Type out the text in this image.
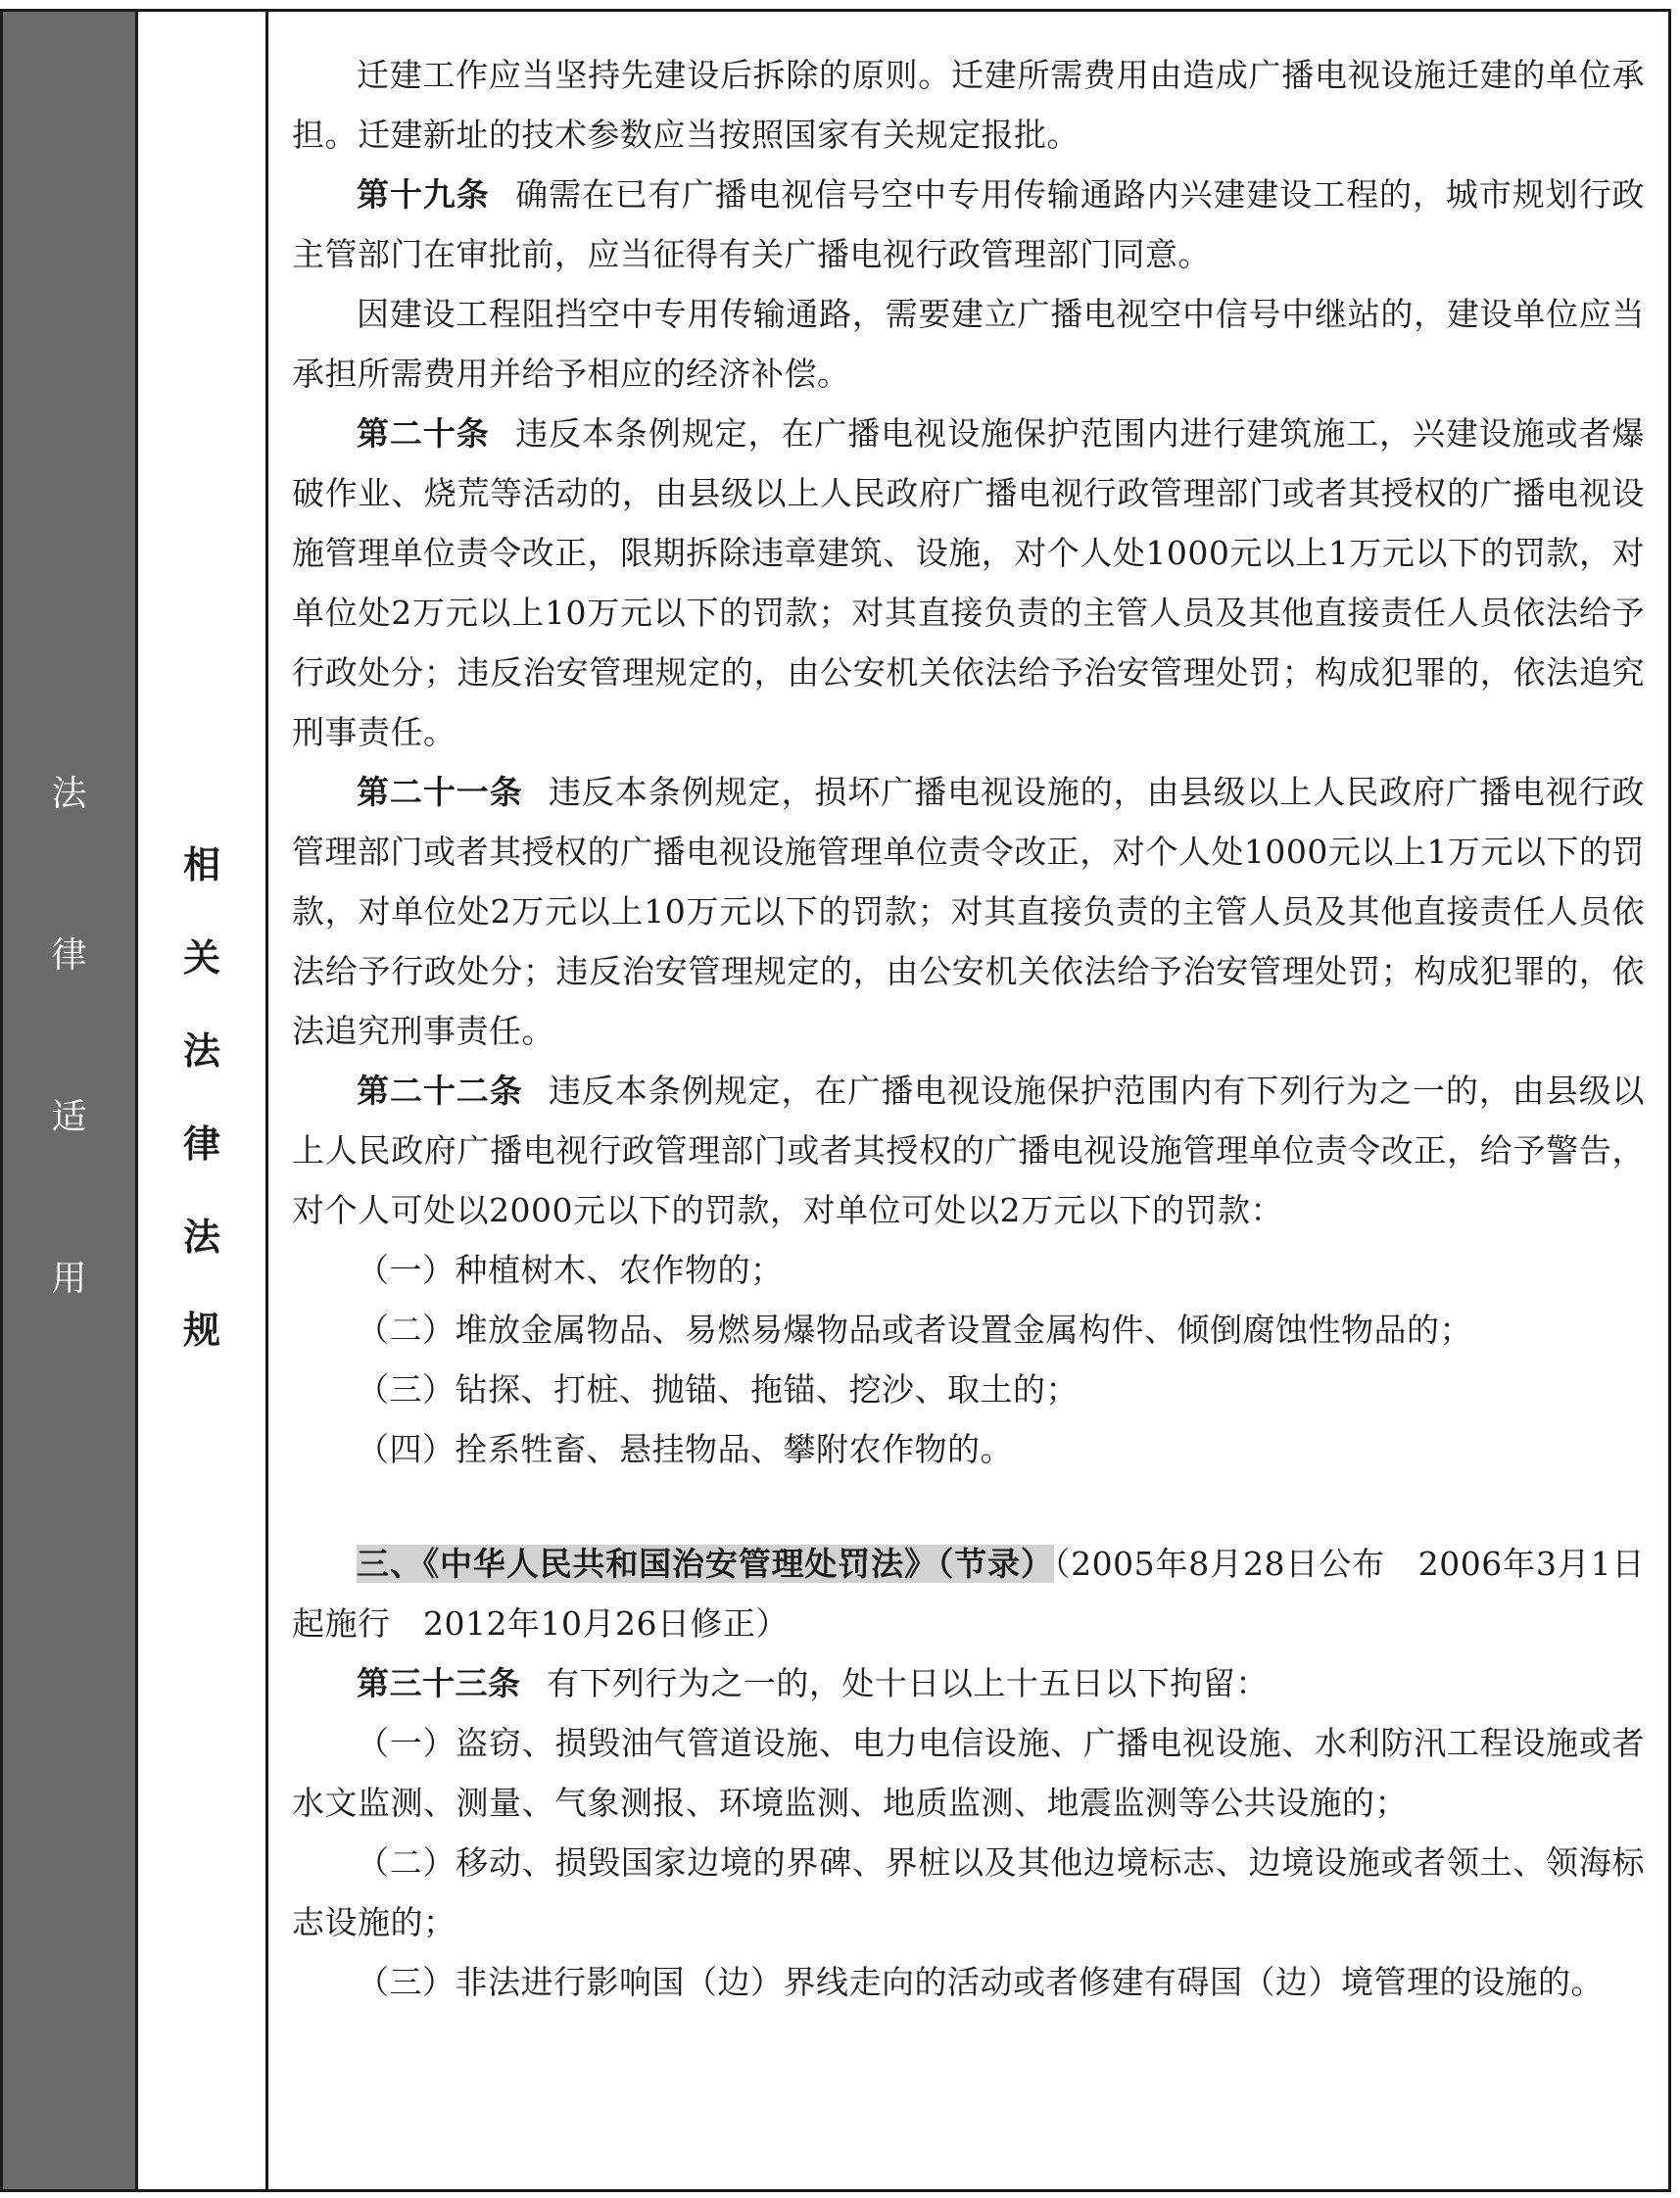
法
律
适
用
相
关
法
律
法
规

迁建工作应当坚持先建设后拆除的原则。迁建所需费用由造成广播电视设施迁建的单位承担。迁建新址的技术参数应当按照国家有关规定报批。

第十九条 确需在已有广播电视信号空中专用传输通路内兴建建设工程的，城市规划行政主管部门在审批前，应当征得有关广播电视行政管理部门同意。

因建设工程阻挡空中专用传输通路，需要建立广播电视空中信号中继站的，建设单位应当承担所需费用并给予相应的经济补偿。

第二十条 违反本条例规定，在广播电视设施保护范围内进行建筑施工，兴建设施或者爆破作业、烧荒等活动的，由县级以上人民政府广播电视行政管理部门或者其授权的广播电视设施管理单位责令改正，限期拆除违章建筑、设施，对个人处1000元以上1万元以下的罚款，对单位处2万元以上10万元以下的罚款；对其直接负责的主管人员及其他直接责任人员依法给予行政处分；违反治安管理规定的，由公安机关依法给予治安管理处罚；构成犯罪的，依法追究刑事责任。

第二十一条 违反本条例规定，损坏广播电视设施的，由县级以上人民政府广播电视行政管理部门或者其授权的广播电视设施管理单位责令改正，对个人处1000元以上1万元以下的罚款，对单位处2万元以上10万元以下的罚款；对其直接负责的主管人员及其他直接责任人员依法给予行政处分；违反治安管理规定的，由公安机关依法给予治安管理处罚；构成犯罪的，依法追究刑事责任。

第二十二条 违反本条例规定，在广播电视设施保护范围内有下列行为之一的，由县级以上人民政府广播电视行政管理部门或者其授权的广播电视设施管理单位责令改正，给予警告，对个人可处以2000元以下的罚款，对单位可处以2万元以下的罚款：

（一）种植树木、农作物的；

（二）堆放金属物品、易燃易爆物品或者设置金属构件、倾倒腐蚀性物品的；

（三）钻探、打桩、抛锚、拖锚、挖沙、取土的；

（四）拴系牲畜、悬挂物品、攀附农作物的。

三、《中华人民共和国治安管理处罚法》（节录）（2005年8月28日公布　2006年3月1日起施行　2012年10月26日修正）

第三十三条 有下列行为之一的，处十日以上十五日以下拘留：

（一）盗窃、损毁油气管道设施、电力电信设施、广播电视设施、水利防汛工程设施或者水文监测、测量、气象测报、环境监测、地质监测、地震监测等公共设施的；

（二）移动、损毁国家边境的界碑、界桩以及其他边境标志、边境设施或者领土、领海标志设施的；

（三）非法进行影响国（边）界线走向的活动或者修建有碍国（边）境管理的设施的。
